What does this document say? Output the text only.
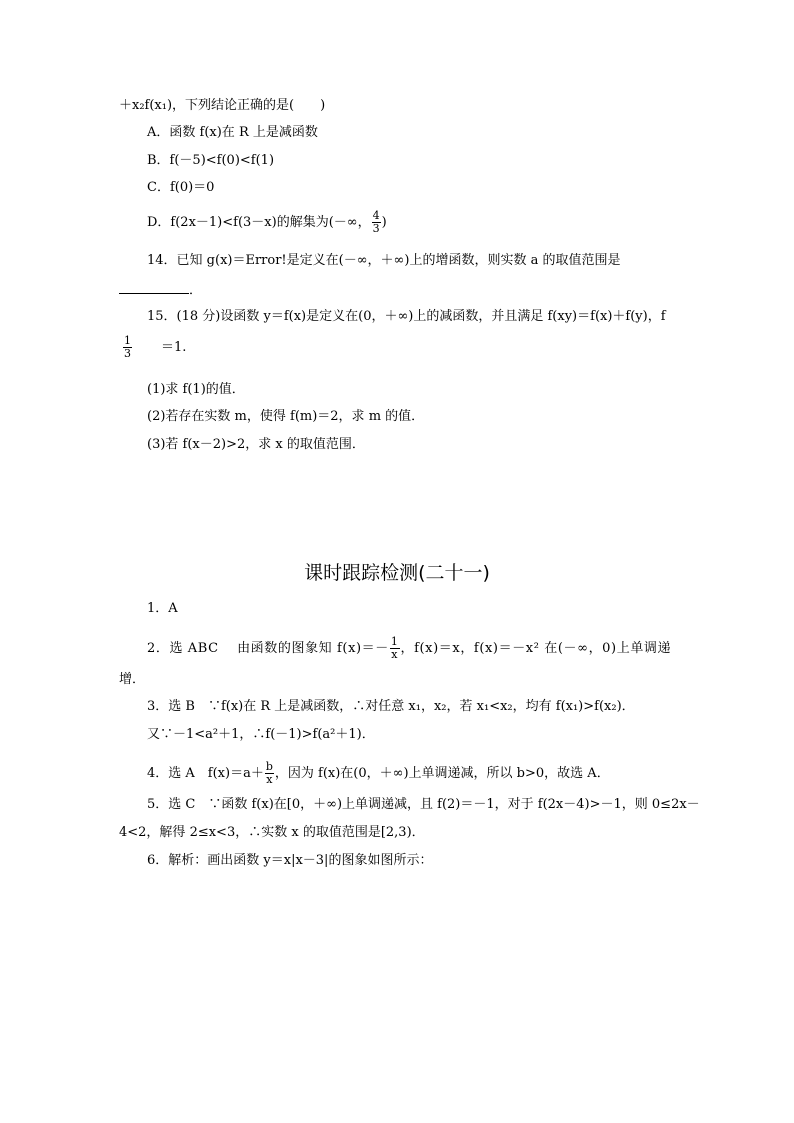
＋x₂f(x₁)，下列结论正确的是(　　)
A．函数 f(x)在 R 上是减函数
B．f(－5)<f(0)<f(1)
C．f(0)＝0
D．f(2x－1)<f(3－x)的解集为(－∞， $\frac{4}{3}$ )
14．已知 g(x)＝Error!是定义在(－∞，＋∞)上的增函数，则实数 a 的取值范围是
．
15．(18 分)设函数 y＝f(x)是定义在(0，＋∞)上的减函数，并且满足 f(xy)＝f(x)＋f(y)，f
$\frac{1}{3} =1$.
(1)求 f(1)的值．
(2)若存在实数 m，使得 f(m)＝2，求 m 的值．
(3)若 f(x－2)>2，求 x 的取值范围．
课时跟踪检测(二十一)
1．A
2．选 ABC　 由函数的图象知 $f(x)=- \frac{1}{x}$ ，f(x)＝x，f(x)＝－x² 在(－∞，0)上单调递
增．
3．选 B　∵f(x)在 R 上是减函数，∴对任意 x₁，x₂，若 x₁<x₂，均有 f(x₁)>f(x₂)．
又∵－1<a²＋1，∴f(－1)>f(a²＋1)．
4．选 A　$f(x)=a+ \frac{b}{x}$ ，因为 f(x)在(0，＋∞)上单调递减，所以 b>0，故选 A．
5．选 C　∵函数 f(x)在[0，＋∞)上单调递减，且 f(2)＝－1，对于 f(2x－4)>－1，则 0≤2x－
4<2，解得 2≤x<3，∴实数 x 的取值范围是[2,3)．
6．解析：画出函数 y＝x|x－3|的图象如图所示：
